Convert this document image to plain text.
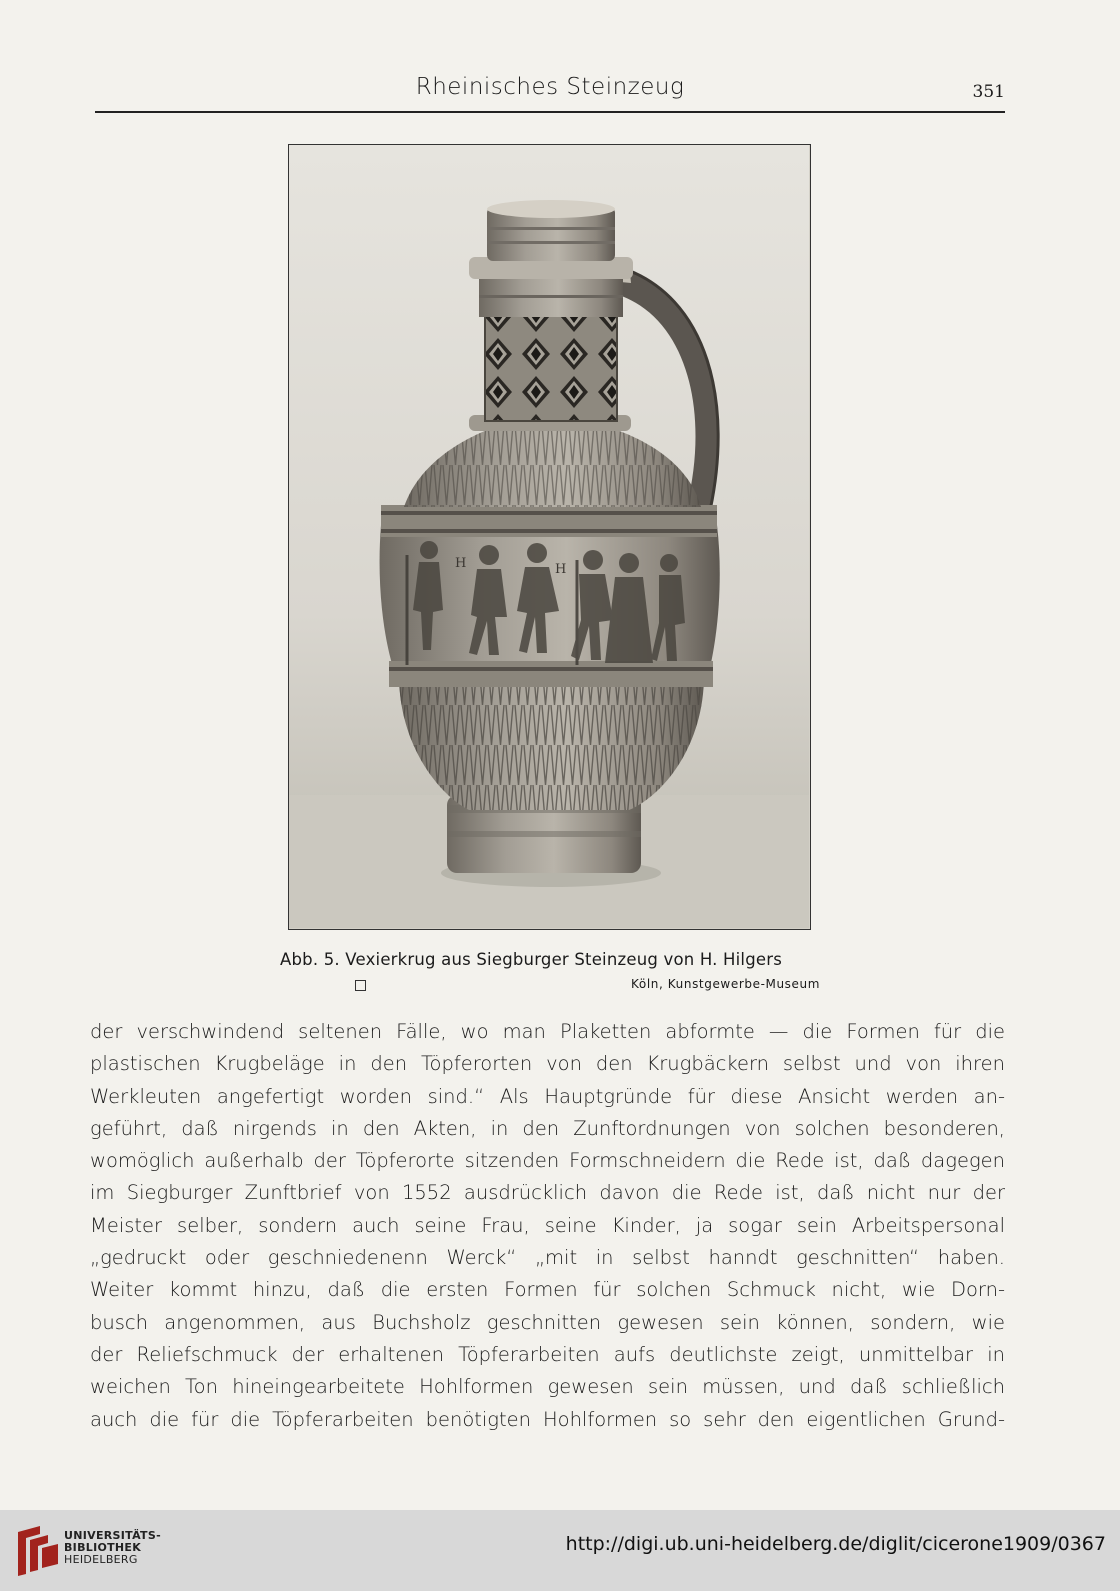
Rheinisches Steinzeug	351
H	H
Abb. 5. Vexierkrug aus Siegburger Steinzeug von H. Hilgers
Köln, Kunstgewerbe-Museum
der verschwindend seltenen Fälle, wo man Plaketten abformte — die Formen für die
plastischen Krugbeläge in den Töpferorten von den Krugbäckern selbst und von ihren
Werkleuten angefertigt worden sind.“ Als Hauptgründe für diese Ansicht werden an-
geführt, daß nirgends in den Akten, in den Zunftordnungen von solchen besonderen,
womöglich außerhalb der Töpferorte sitzenden Formschneidern die Rede ist, daß dagegen
im Siegburger Zunftbrief von 1552 ausdrücklich davon die Rede ist, daß nicht nur der
Meister selber, sondern auch seine Frau, seine Kinder, ja sogar sein Arbeitspersonal
„gedruckt oder geschniedenenn Werck“ „mit in selbst hanndt geschnitten“ haben.
Weiter kommt hinzu, daß die ersten Formen für solchen Schmuck nicht, wie Dorn-
busch angenommen, aus Buchsholz geschnitten gewesen sein können, sondern, wie
der Reliefschmuck der erhaltenen Töpferarbeiten aufs deutlichste zeigt, unmittelbar in
weichen Ton hineingearbeitete Hohlformen gewesen sein müssen, und daß schließlich
auch die für die Töpferarbeiten benötigten Hohlformen so sehr den eigentlichen Grund-
UNIVERSITÄTS-
BIBLIOTHEK
HEIDELBERG
http://digi.ub.uni-heidelberg.de/diglit/cicerone1909/0367
